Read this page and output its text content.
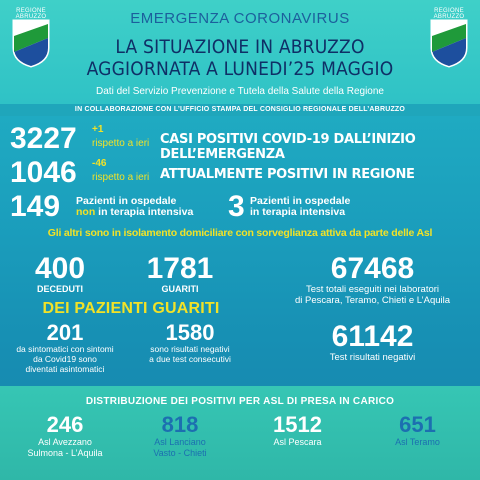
REGIONE ABRUZZO
REGIONE ABRUZZO
EMERGENZA CORONAVIRUS
LA SITUAZIONE IN ABRUZZO
AGGIORNATA A LUNEDI’25 MAGGIO
Dati del Servizio Prevenzione e Tutela della Salute della Regione
IN COLLABORAZIONE CON L’UFFICIO STAMPA DEL CONSIGLIO REGIONALE DELL’ABRUZZO
3227 +1
rispetto a ieri CASI POSITIVI COVID-19 DALL’INIZIO DELL’EMERGENZA
1046 -46
rispetto a ieri ATTUALMENTE POSITIVI IN REGIONE
149 Pazienti in ospedale
non in terapia intensiva 3 Pazienti in ospedale
in terapia intensiva
Gli altri sono in isolamento domiciliare con sorveglianza attiva da parte delle Asl
400
DECEDUTI
1781
GUARITI
DEI PAZIENTI GUARITI
201
da sintomatici con sintomi
da Covid19 sono
diventati asintomatici
1580
sono risultati negativi
a due test consecutivi
67468
Test totali eseguiti nei laboratori
di Pescara, Teramo, Chieti e L’Aquila
61142
Test risultati negativi
DISTRIBUZIONE DEI POSITIVI PER ASL DI PRESA IN CARICO
246
Asl Avezzano
Sulmona - L’Aquila
818
Asl Lanciano
Vasto - Chieti
1512
Asl Pescara
651
Asl Teramo
